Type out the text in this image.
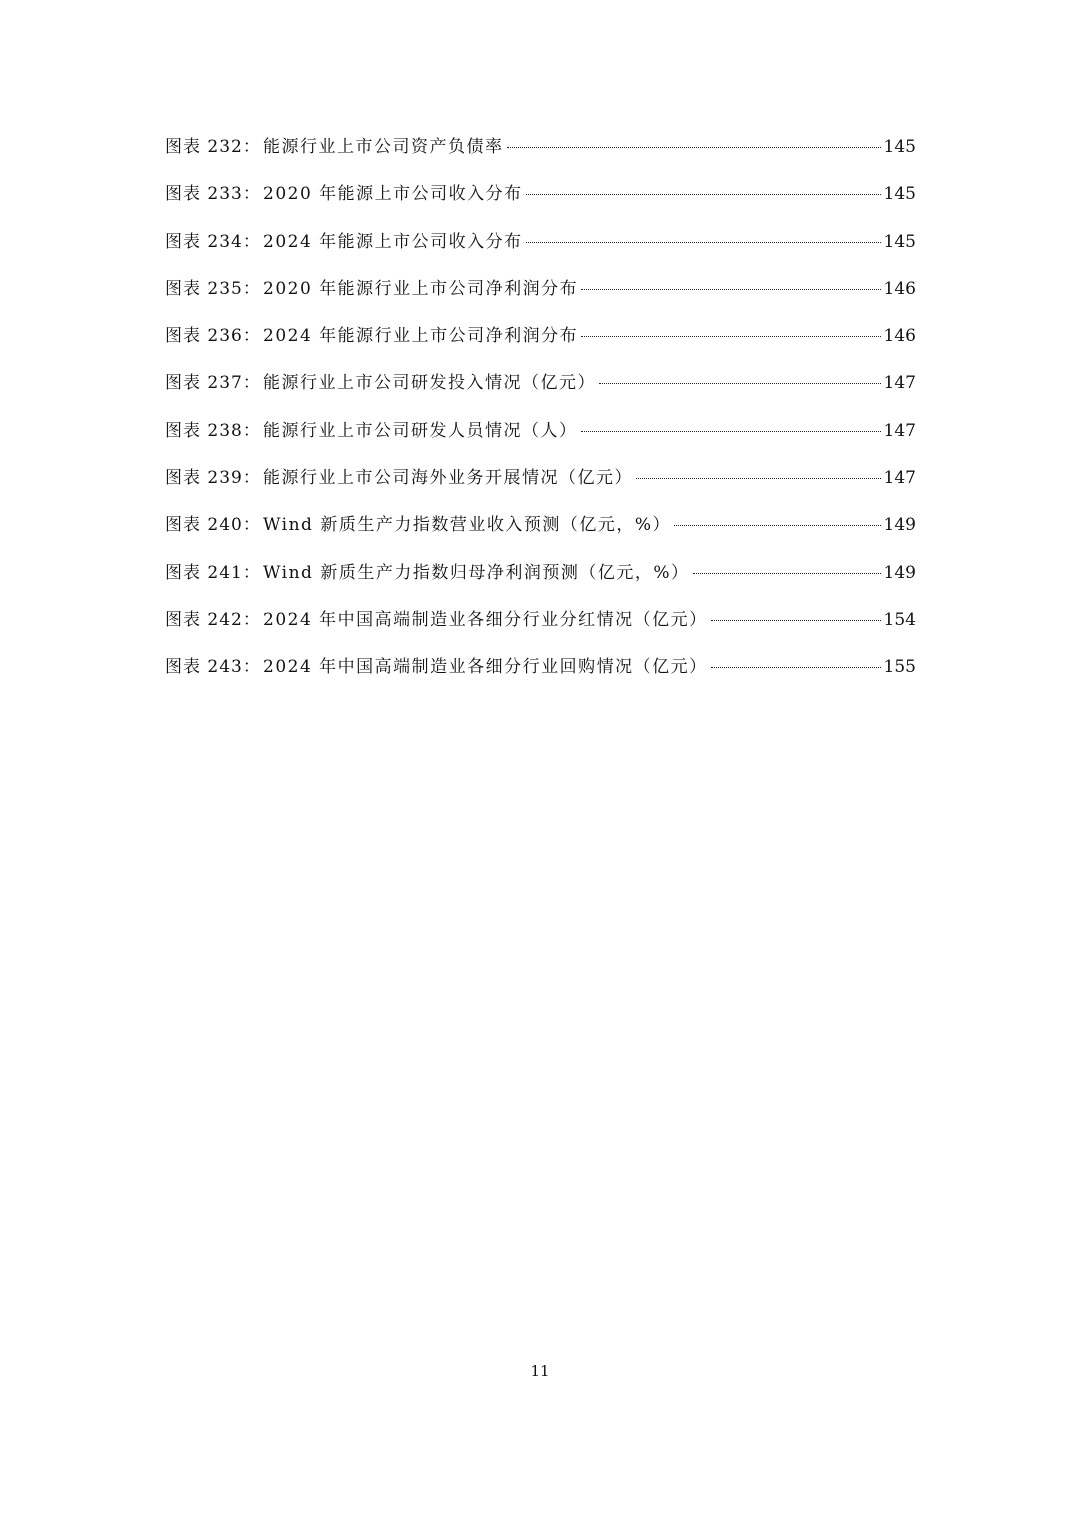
图表 232： 能源行业上市公司资产负债率	145
图表 233： 2020 年能源上市公司收入分布	145
图表 234： 2024 年能源上市公司收入分布	145
图表 235： 2020 年能源行业上市公司净利润分布	146
图表 236： 2024 年能源行业上市公司净利润分布	146
图表 237： 能源行业上市公司研发投入情况（亿元）	147
图表 238： 能源行业上市公司研发人员情况（人）	147
图表 239： 能源行业上市公司海外业务开展情况（亿元）	147
图表 240： Wind 新质生产力指数营业收入预测（亿元，%）	149
图表 241： Wind 新质生产力指数归母净利润预测（亿元，%）	149
图表 242： 2024 年中国高端制造业各细分行业分红情况（亿元）	154
图表 243： 2024 年中国高端制造业各细分行业回购情况（亿元）	155
11
